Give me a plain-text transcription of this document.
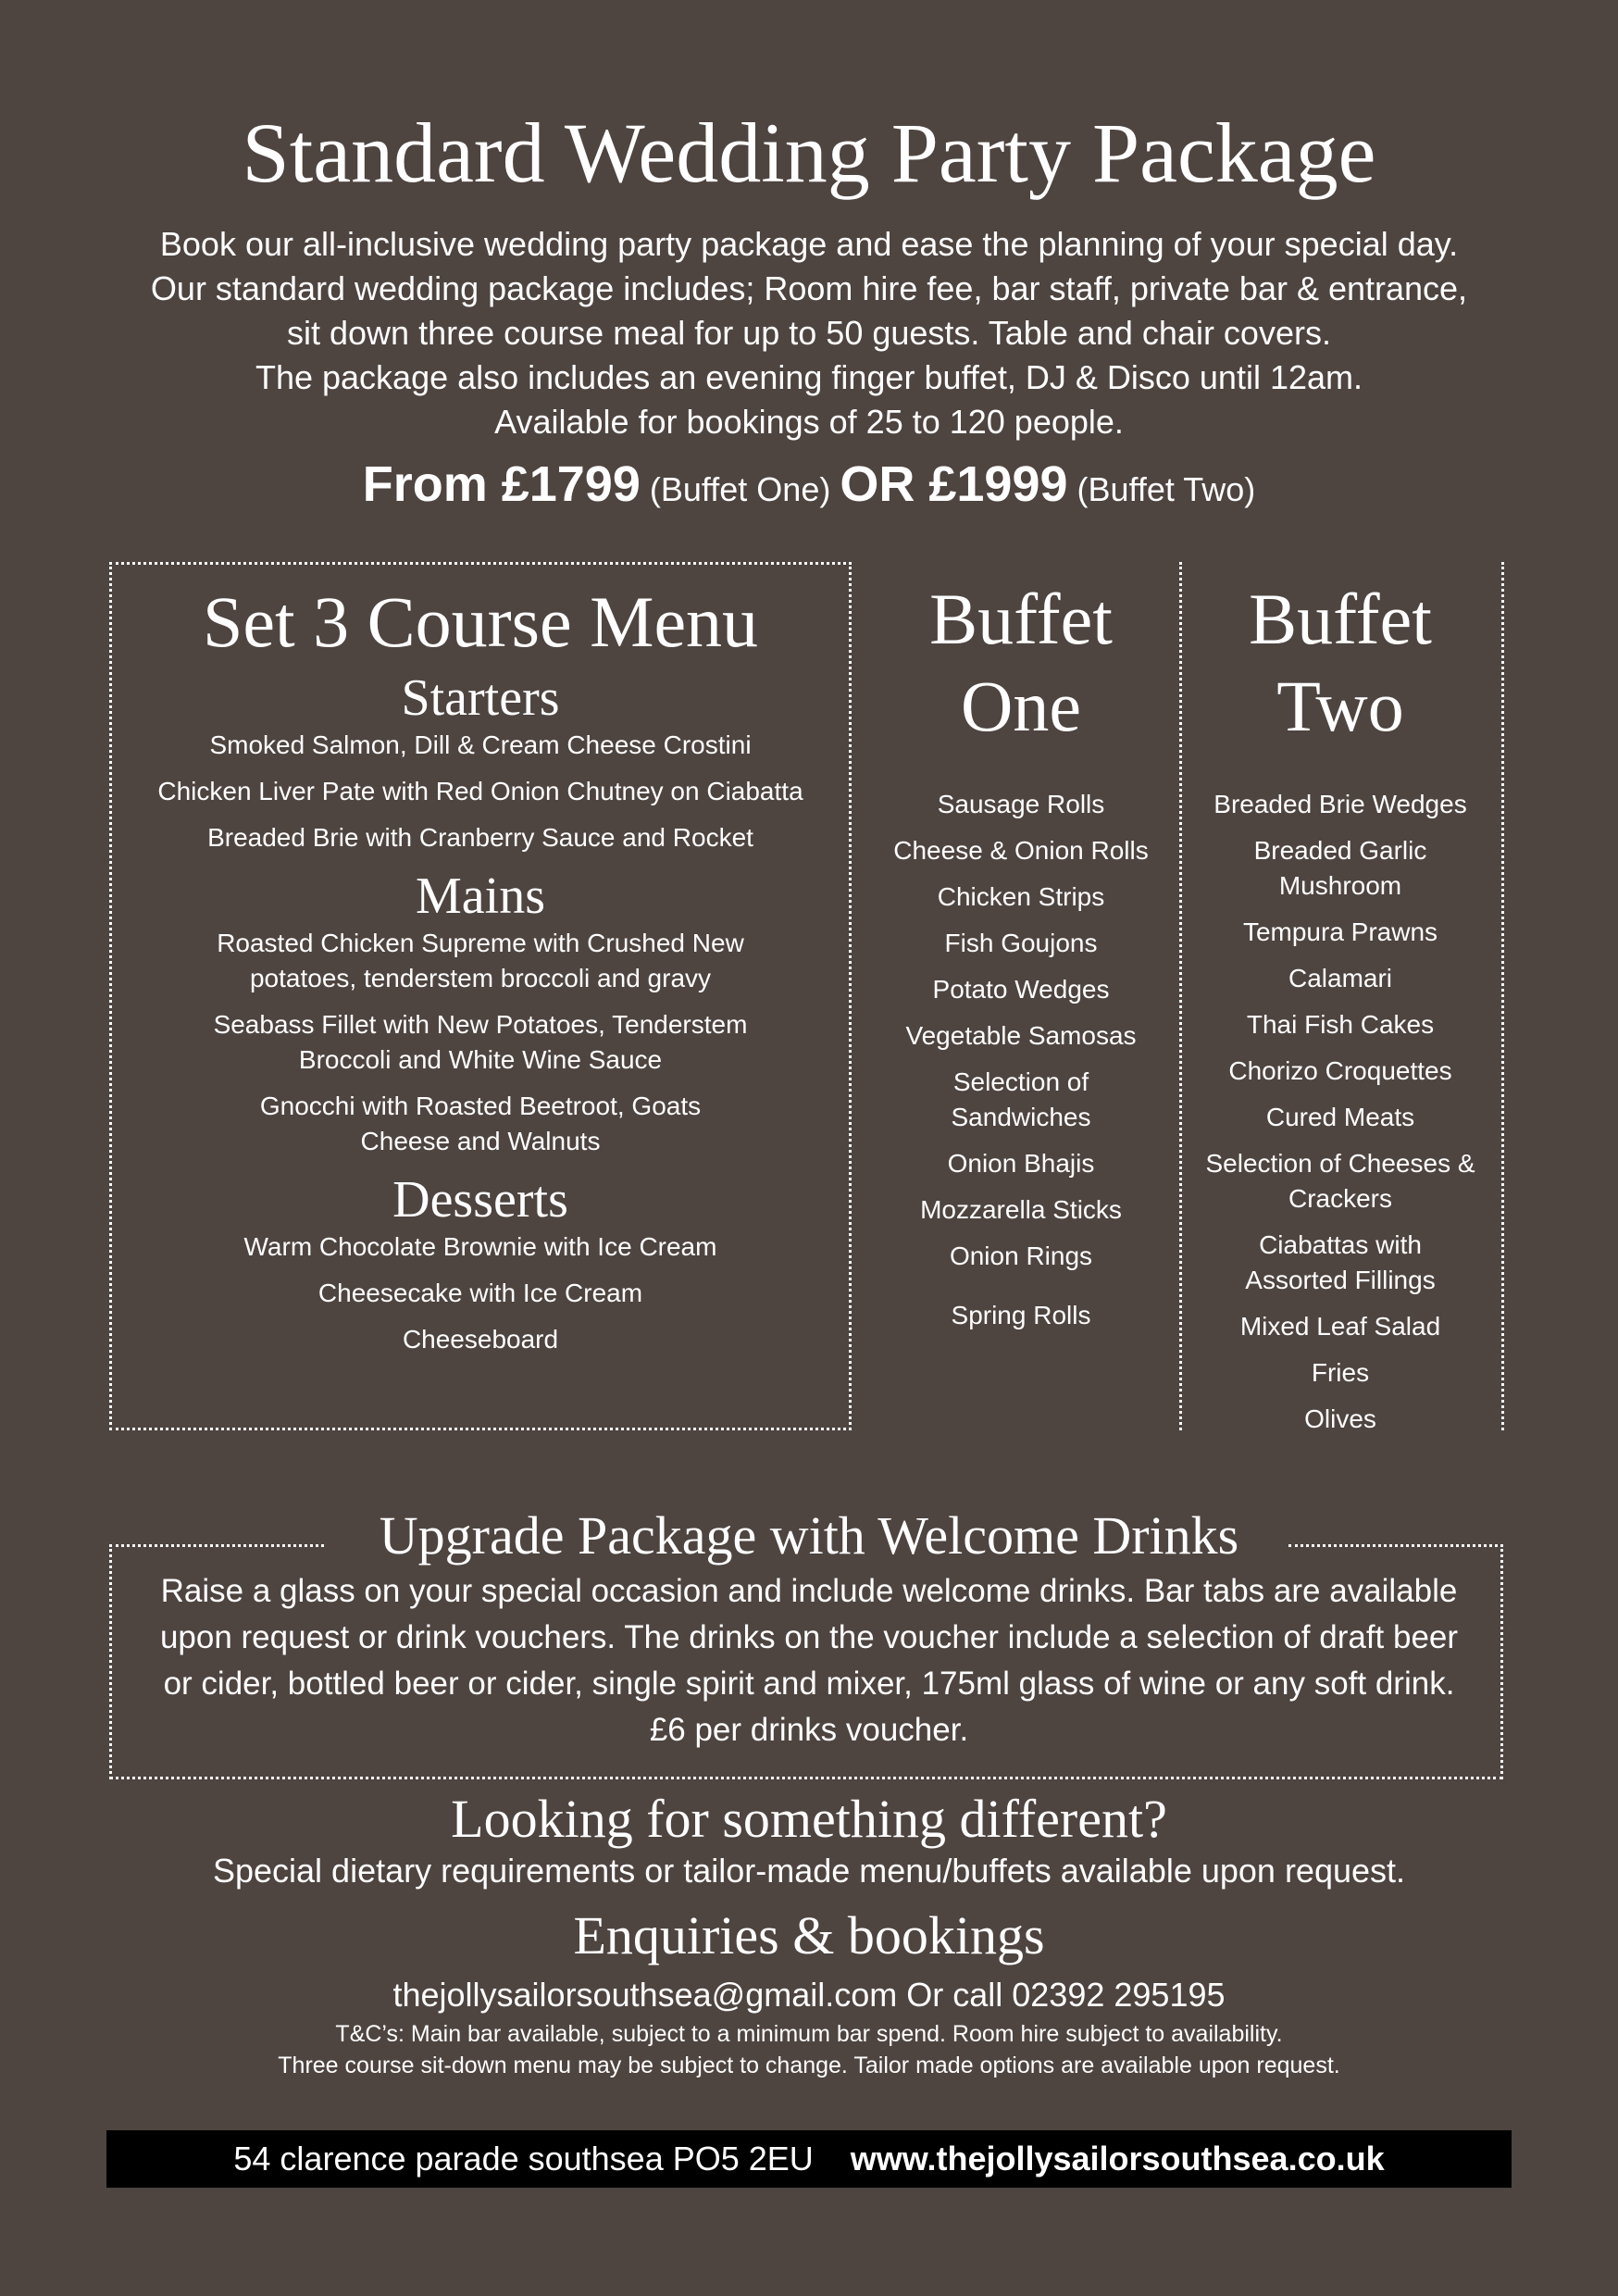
Standard Wedding Party Package
Book our all-inclusive wedding party package and ease the planning of your special day.
Our standard wedding package includes; Room hire fee, bar staff, private bar & entrance,
sit down three course meal for up to 50 guests. Table and chair covers.
The package also includes an evening finger buffet, DJ & Disco until 12am.
Available for bookings of 25 to 120 people.
From £1799 (Buffet One) OR £1999 (Buffet Two)
Set 3 Course Menu
Starters
Smoked Salmon, Dill & Cream Cheese Crostini
Chicken Liver Pate with Red Onion Chutney on Ciabatta
Breaded Brie with Cranberry Sauce and Rocket
Mains
Roasted Chicken Supreme with Crushed New potatoes, tenderstem broccoli and gravy
Seabass Fillet with New Potatoes, Tenderstem Broccoli and White Wine Sauce
Gnocchi with Roasted Beetroot, Goats Cheese and Walnuts
Desserts
Warm Chocolate Brownie with Ice Cream
Cheesecake with Ice Cream
Cheeseboard
Buffet
One
Sausage Rolls
Cheese & Onion Rolls
Chicken Strips
Fish Goujons
Potato Wedges
Vegetable Samosas
Selection of Sandwiches
Onion Bhajis
Mozzarella Sticks
Onion Rings
Spring Rolls
Buffet
Two
Breaded Brie Wedges
Breaded Garlic Mushroom
Tempura Prawns
Calamari
Thai Fish Cakes
Chorizo Croquettes
Cured Meats
Selection of Cheeses & Crackers
Ciabattas with Assorted Fillings
Mixed Leaf Salad
Fries
Olives
Upgrade Package with Welcome Drinks
Raise a glass on your special occasion and include welcome drinks. Bar tabs are available upon request or drink vouchers. The drinks on the voucher include a selection of draft beer or cider, bottled beer or cider, single spirit and mixer, 175ml glass of wine or any soft drink. £6 per drinks voucher.
Looking for something different?
Special dietary requirements or tailor-made menu/buffets available upon request.
Enquiries & bookings
thejollysailorsouthsea@gmail.com Or call 02392 295195
T&C’s: Main bar available, subject to a minimum bar spend. Room hire subject to availability.
Three course sit-down menu may be subject to change. Tailor made options are available upon request.
54 clarence parade southsea PO5 2EU www.thejollysailorsouthsea.co.uk
